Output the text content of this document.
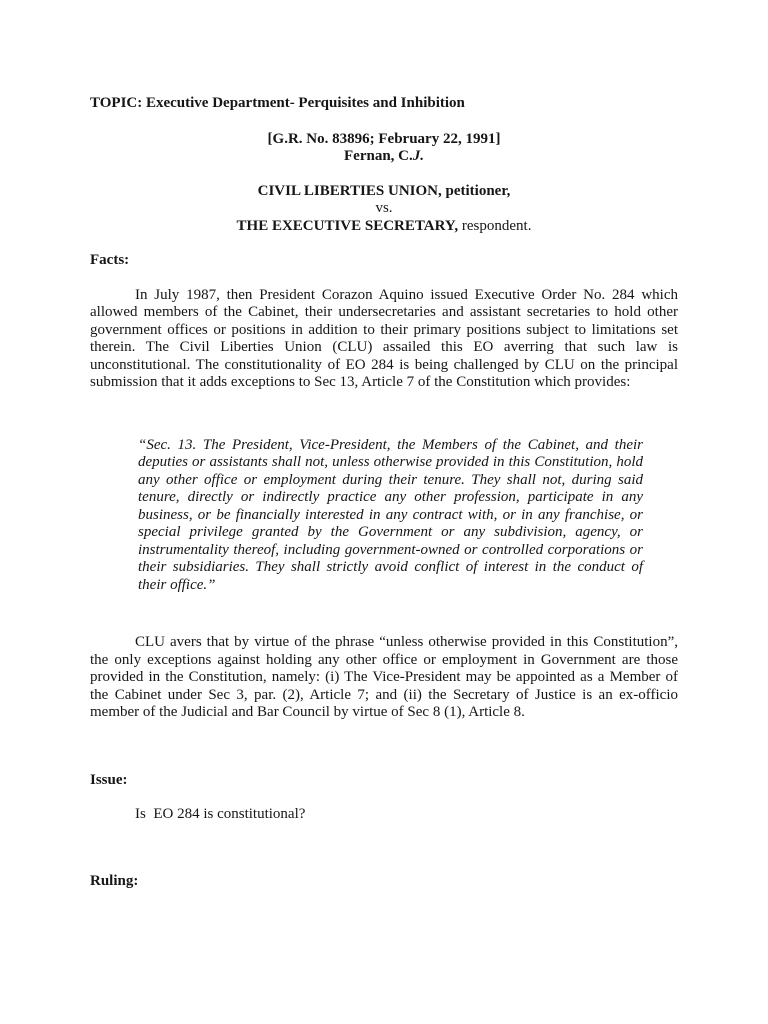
TOPIC: Executive Department- Perquisites and Inhibition
[G.R. No. 83896; February 22, 1991]
Fernan, C.J.
CIVIL LIBERTIES UNION, petitioner,
vs.
THE EXECUTIVE SECRETARY, respondent.
Facts:
In July 1987, then President Corazon Aquino issued Executive Order No. 284 which allowed members of the Cabinet, their undersecretaries and assistant secretaries to hold other government offices or positions in addition to their primary positions subject to limitations set therein. The Civil Liberties Union (CLU) assailed this EO averring that such law is unconstitutional. The constitutionality of EO 284 is being challenged by CLU on the principal submission that it adds exceptions to Sec 13, Article 7 of the Constitution which provides:
“Sec. 13. The President, Vice-President, the Members of the Cabinet, and their deputies or assistants shall not, unless otherwise provided in this Constitution, hold any other office or employment during their tenure. They shall not, during said tenure, directly or indirectly practice any other profession, participate in any business, or be financially interested in any contract with, or in any franchise, or special privilege granted by the Government or any subdivision, agency, or instrumentality thereof, including government-owned or controlled corporations or their subsidiaries. They shall strictly avoid conflict of interest in the conduct of their office.”
CLU avers that by virtue of the phrase “unless otherwise provided in this Constitution”, the only exceptions against holding any other office or employment in Government are those provided in the Constitution, namely: (i) The Vice-President may be appointed as a Member of the Cabinet under Sec 3, par. (2), Article 7; and (ii) the Secretary of Justice is an ex-officio member of the Judicial and Bar Council by virtue of Sec 8 (1), Article 8.
Issue:
Is  EO 284 is constitutional?
Ruling:
